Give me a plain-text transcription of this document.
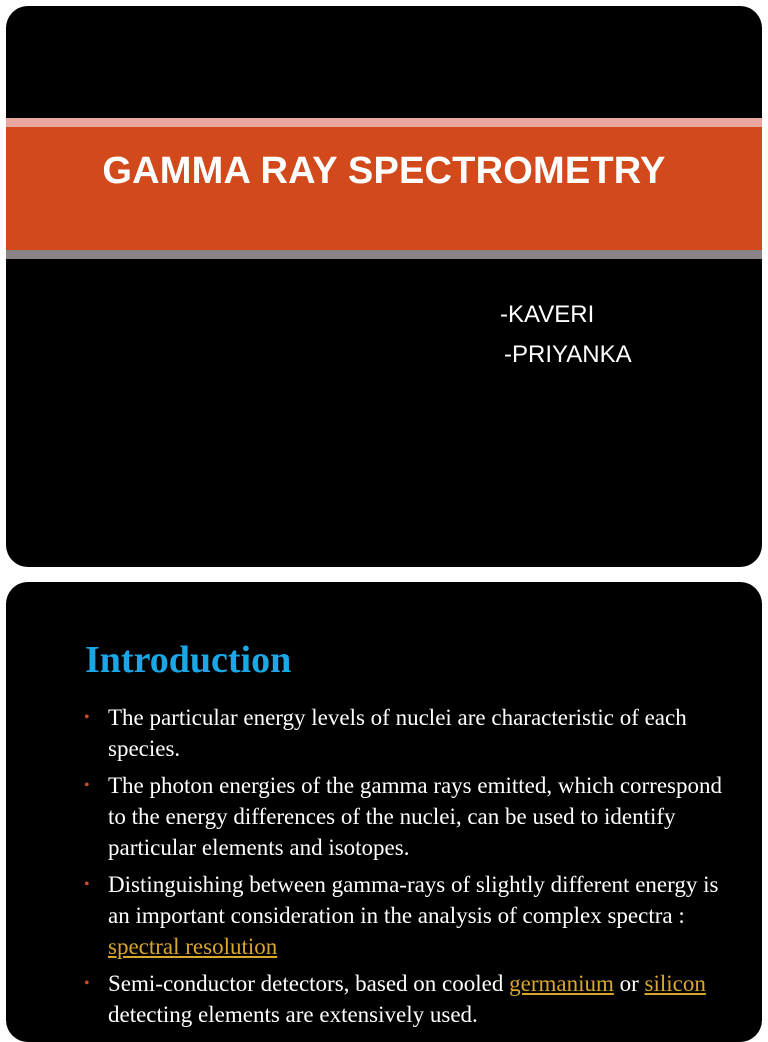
GAMMA RAY SPECTROMETRY
-KAVERI
-PRIYANKA
Introduction
• The particular energy levels of nuclei are characteristic of each species.
• The photon energies of the gamma rays emitted, which correspond to the energy differences of the nuclei, can be used to identify particular elements and isotopes.
• Distinguishing between gamma-rays of slightly different energy is an important consideration in the analysis of complex spectra : spectral resolution
• Semi-conductor detectors, based on cooled germanium or silicon detecting elements are extensively used.
